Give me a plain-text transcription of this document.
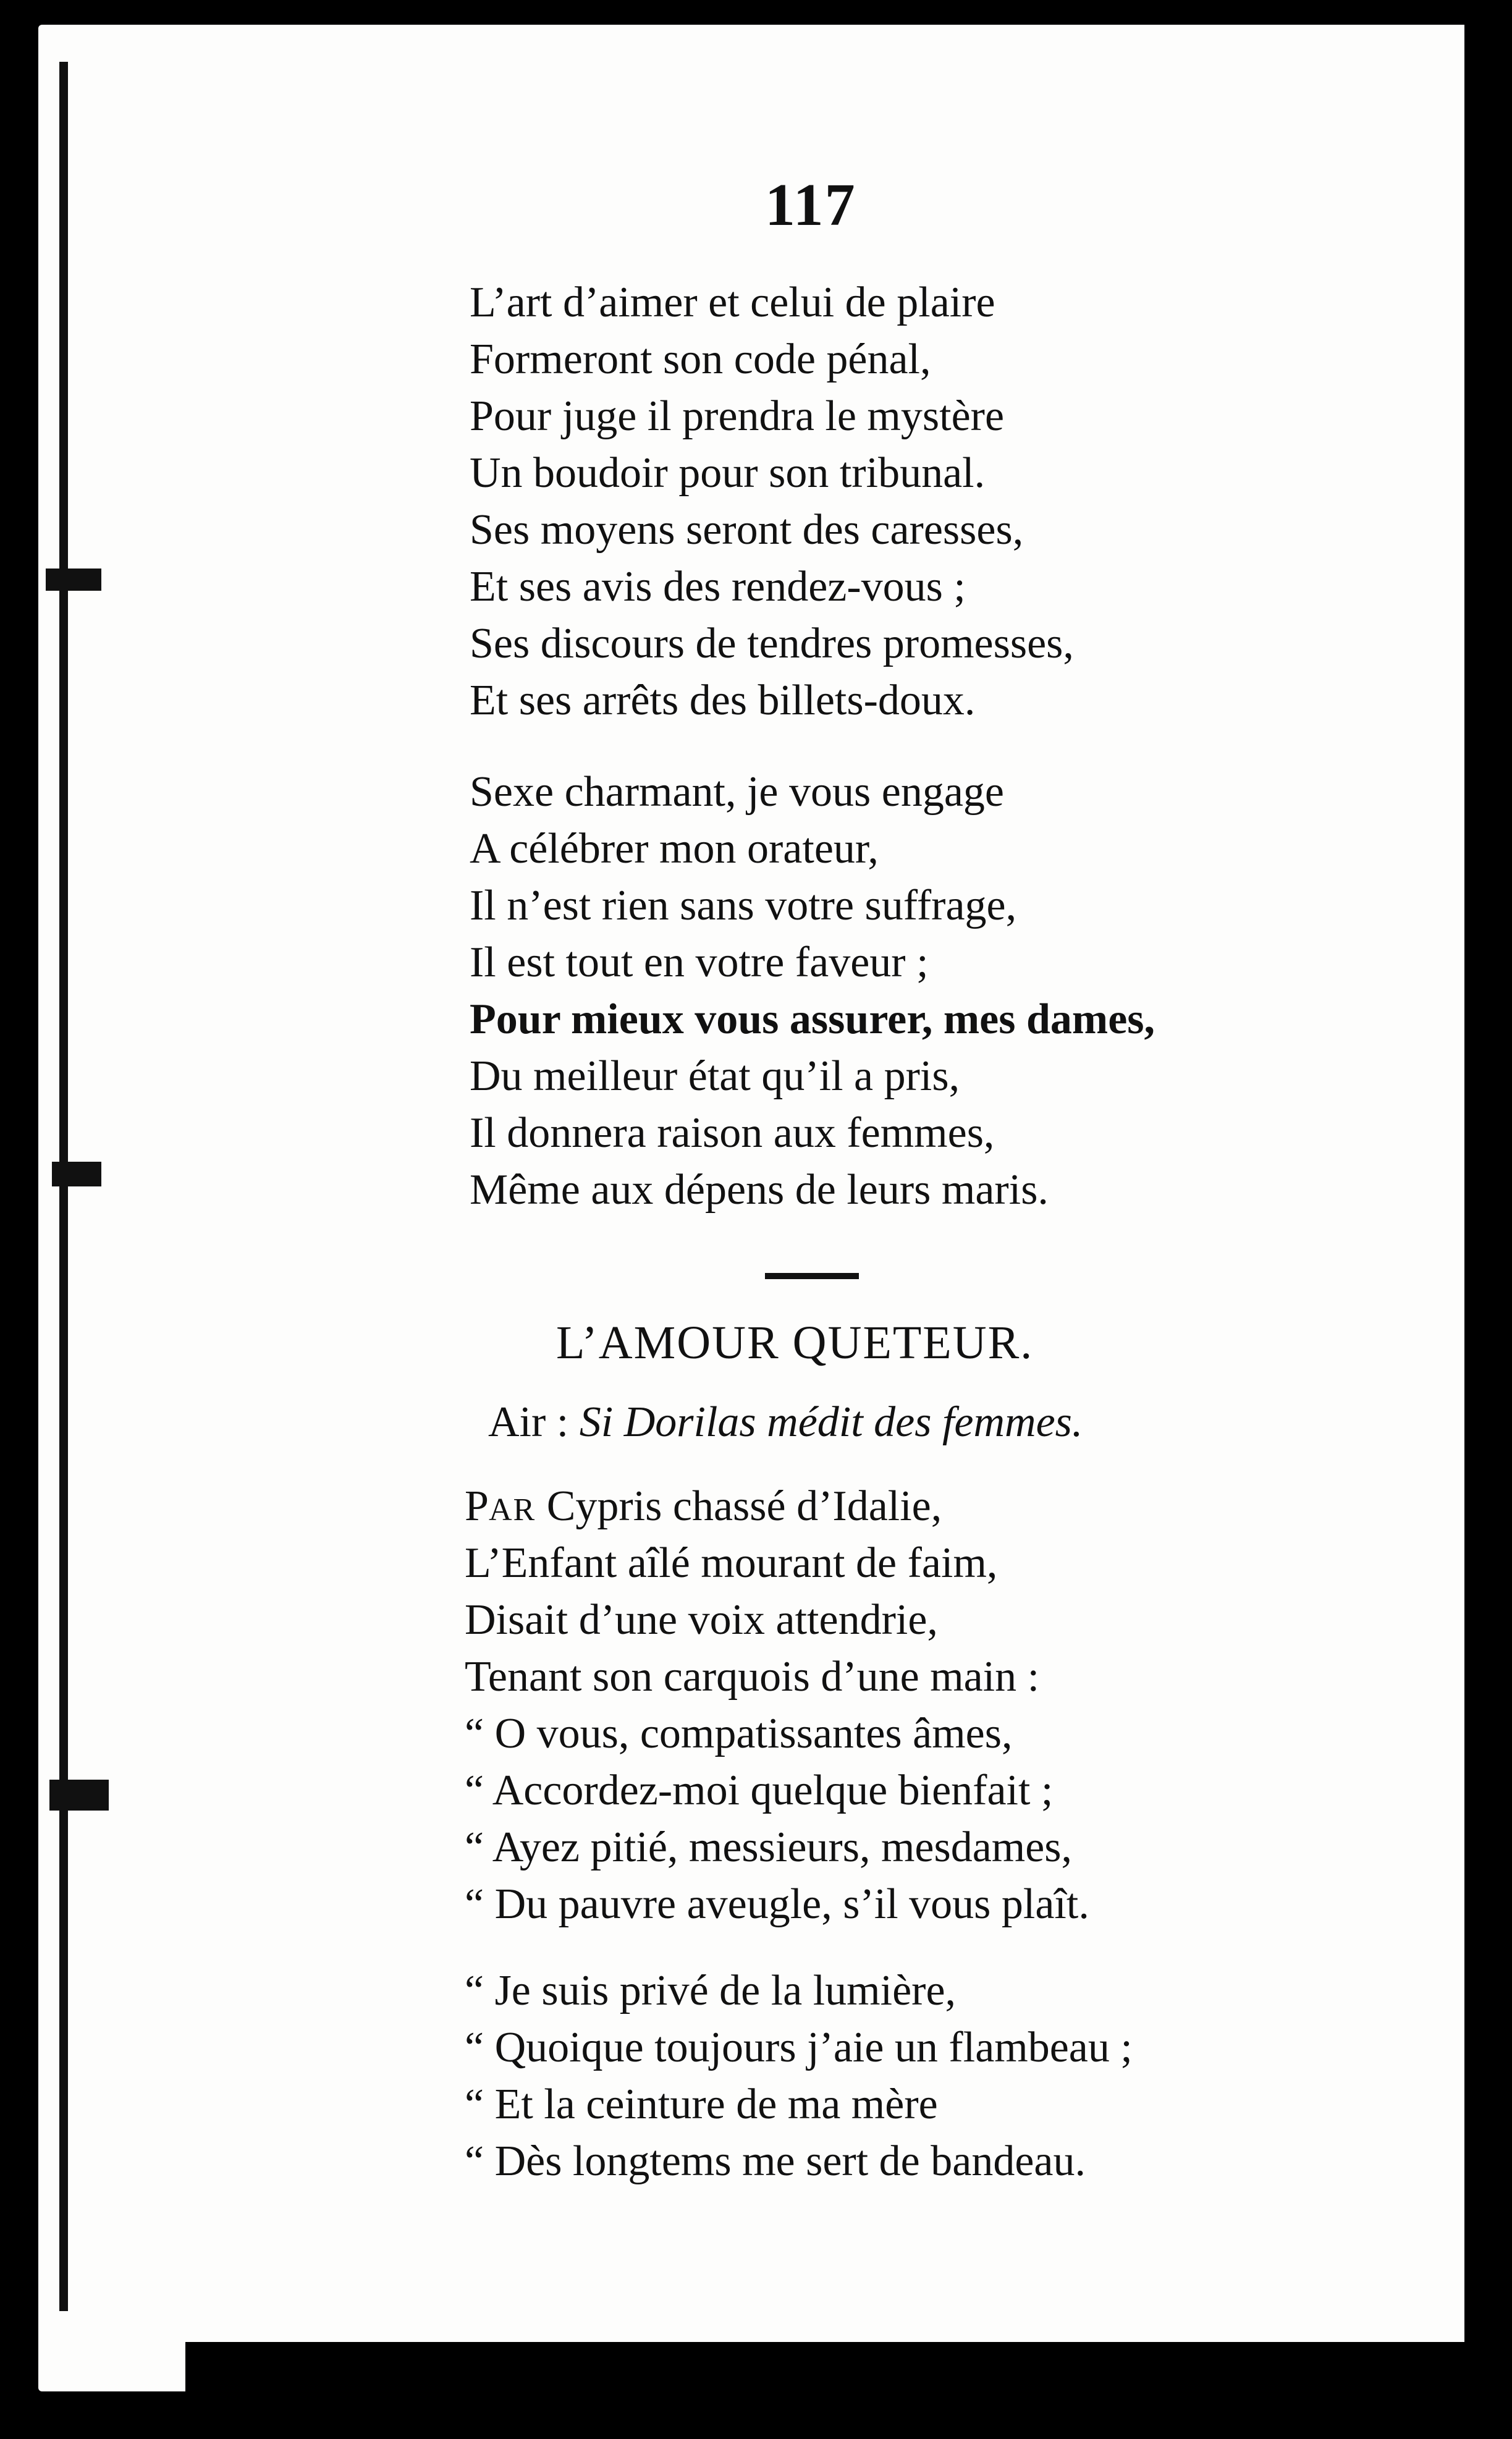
117
L’art d’aimer et celui de plaire
Formeront son code pénal,
Pour juge il prendra le mystère
Un boudoir pour son tribunal.
Ses moyens seront des caresses,
Et ses avis des rendez-vous ;
Ses discours de tendres promesses,
Et ses arrêts des billets-doux.
Sexe charmant, je vous engage
A célébrer mon orateur,
Il n’est rien sans votre suffrage,
Il est tout en votre faveur ;
Pour mieux vous assurer, mes dames,
Du meilleur état qu’il a pris,
Il donnera raison aux femmes,
Même aux dépens de leurs maris.
L’AMOUR QUETEUR.
Air : Si Dorilas médit des femmes.
PAR Cypris chassé d’Idalie,
L’Enfant aîlé mourant de faim,
Disait d’une voix attendrie,
Tenant son carquois d’une main :
“ O vous, compatissantes âmes,
“ Accordez-moi quelque bienfait ;
“ Ayez pitié, messieurs, mesdames,
“ Du pauvre aveugle, s’il vous plaît.
“ Je suis privé de la lumière,
“ Quoique toujours j’aie un flambeau ;
“ Et la ceinture de ma mère
“ Dès longtems me sert de bandeau.
